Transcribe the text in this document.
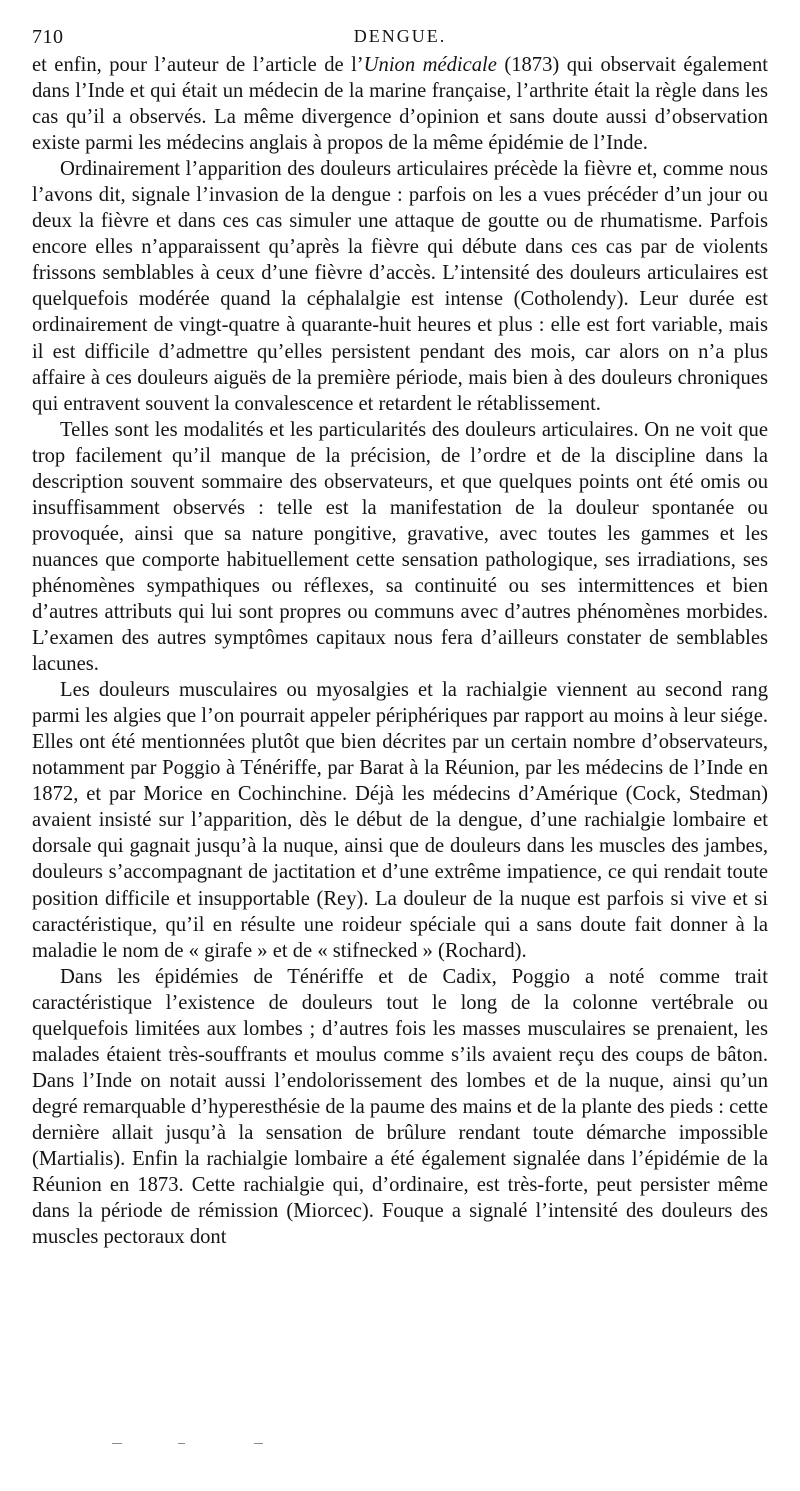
710	DENGUE.

et enfin, pour l’auteur de l’article de l’Union médicale (1873) qui observait également dans l’Inde et qui était un médecin de la marine française, l’arthrite était la règle dans les cas qu’il a observés. La même divergence d’opinion et sans doute aussi d’observation existe parmi les médecins anglais à propos de la même épidémie de l’Inde.

Ordinairement l’apparition des douleurs articulaires précède la fièvre et, comme nous l’avons dit, signale l’invasion de la dengue : parfois on les a vues précéder d’un jour ou deux la fièvre et dans ces cas simuler une attaque de goutte ou de rhumatisme. Parfois encore elles n’apparaissent qu’après la fièvre qui débute dans ces cas par de violents frissons semblables à ceux d’une fièvre d’accès. L’intensité des douleurs articulaires est quelquefois modérée quand la céphalalgie est intense (Cotholendy). Leur durée est ordinairement de vingt-quatre à quarante-huit heures et plus : elle est fort variable, mais il est difficile d’admettre qu’elles persistent pendant des mois, car alors on n’a plus affaire à ces douleurs aiguës de la première période, mais bien à des douleurs chroniques qui entravent souvent la convalescence et retardent le rétablissement.

Telles sont les modalités et les particularités des douleurs articulaires. On ne voit que trop facilement qu’il manque de la précision, de l’ordre et de la discipline dans la description souvent sommaire des observateurs, et que quelques points ont été omis ou insuffisamment observés : telle est la manifestation de la douleur spontanée ou provoquée, ainsi que sa nature pongitive, gravative, avec toutes les gammes et les nuances que comporte habituellement cette sensation pathologique, ses irradiations, ses phénomènes sympathiques ou réflexes, sa continuité ou ses intermittences et bien d’autres attributs qui lui sont propres ou communs avec d’autres phénomènes morbides. L’examen des autres symptômes capitaux nous fera d’ailleurs constater de semblables lacunes.

Les douleurs musculaires ou myosalgies et la rachialgie viennent au second rang parmi les algies que l’on pourrait appeler périphériques par rapport au moins à leur siége. Elles ont été mentionnées plutôt que bien décrites par un certain nombre d’observateurs, notamment par Poggio à Ténériffe, par Barat à la Réunion, par les médecins de l’Inde en 1872, et par Morice en Cochinchine. Déjà les médecins d’Amérique (Cock, Stedman) avaient insisté sur l’apparition, dès le début de la dengue, d’une rachialgie lombaire et dorsale qui gagnait jusqu’à la nuque, ainsi que de douleurs dans les muscles des jambes, douleurs s’accompagnant de jactitation et d’une extrême impatience, ce qui rendait toute position difficile et insupportable (Rey). La douleur de la nuque est parfois si vive et si caractéristique, qu’il en résulte une roideur spéciale qui a sans doute fait donner à la maladie le nom de « girafe » et de « stifnecked » (Rochard).

Dans les épidémies de Ténériffe et de Cadix, Poggio a noté comme trait caractéristique l’existence de douleurs tout le long de la colonne vertébrale ou quelquefois limitées aux lombes ; d’autres fois les masses musculaires se prenaient, les malades étaient très-souffrants et moulus comme s’ils avaient reçu des coups de bâton. Dans l’Inde on notait aussi l’endolorissement des lombes et de la nuque, ainsi qu’un degré remarquable d’hyperesthésie de la paume des mains et de la plante des pieds : cette dernière allait jusqu’à la sensation de brûlure rendant toute démarche impossible (Martialis). Enfin la rachialgie lombaire a été également signalée dans l’épidémie de la Réunion en 1873. Cette rachialgie qui, d’ordinaire, est très-forte, peut persister même dans la période de rémission (Miorcec). Fouque a signalé l’intensité des douleurs des muscles pectoraux dont
